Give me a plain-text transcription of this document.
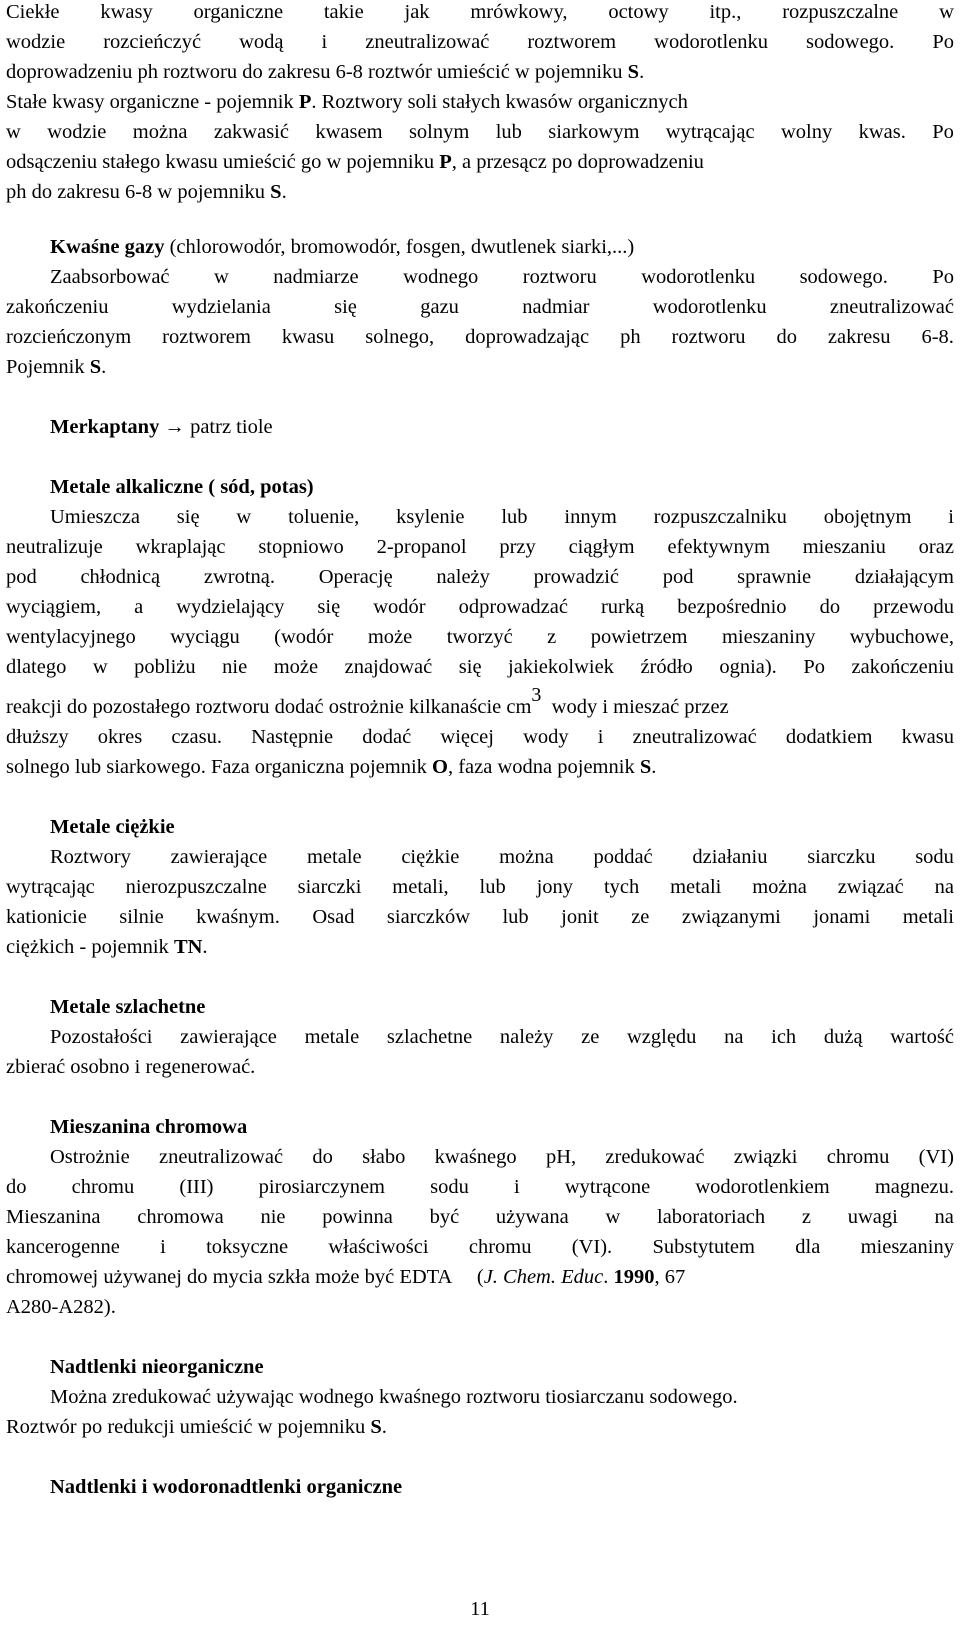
Ciekłe kwasy organiczne takie jak mrówkowy, octowy itp., rozpuszczalne w
wodzie rozcieńczyć wodą i zneutralizować roztworem wodorotlenku sodowego. Po
doprowadzeniu ph roztworu do zakresu 6-8 roztwór umieścić w pojemniku
S .
Stałe kwasy organiczne - pojemnik
P . Roztwory soli stałych kwasów organicznych
w wodzie można zakwasić kwasem solnym lub siarkowym wytrącając wolny kwas. Po
odsączeniu stałego kwasu umieścić go w pojemniku
P , a przesącz po doprowadzeniu
ph do zakresu 6-8 w pojemniku
S .
Kwaśne gazy
(chlorowodór, bromowodór, fosgen, dwutlenek siarki,...)
Zaabsorbować w nadmiarze wodnego roztworu wodorotlenku sodowego. Po
zakończeniu	wydzielania	się	gazu	nadmiar	wodorotlenku	zneutralizować
rozcieńczonym roztworem kwasu solnego, doprowadzając ph roztworu do zakresu 6-8.
Pojemnik
S .
Merkaptany
→
patrz tiole
Metale alkaliczne ( sód, potas)
Umieszcza się w toluenie, ksylenie lub innym rozpuszczalniku obojętnym i
neutralizuje wkraplając stopniowo 2-propanol przy ciągłym efektywnym mieszaniu oraz
pod chłodnicą zwrotną. Operację należy prowadzić pod sprawnie działającym
wyciągiem, a wydzielający się wodór odprowadzać rurką bezpośrednio do przewodu
wentylacyjnego wyciągu (wodór może tworzyć z powietrzem mieszaniny wybuchowe,
dlatego w pobliżu nie może znajdować się jakiekolwiek źródło ognia). Po zakończeniu
reakcji do pozostałego roztworu dodać ostrożnie kilkanaście cm
3

wody i mieszać przez
dłuższy okres czasu. Następnie dodać więcej wody i zneutralizować dodatkiem kwasu
solnego lub siarkowego. Faza organiczna pojemnik
O , faza wodna pojemnik
S .
Metale ciężkie
Roztwory zawierające metale ciężkie można poddać działaniu siarczku sodu
wytrącając nierozpuszczalne siarczki metali, lub jony tych metali można związać na
kationicie silnie kwaśnym. Osad siarczków lub jonit ze związanymi jonami metali
ciężkich - pojemnik
TN .
Metale szlachetne
Pozostałości zawierające metale szlachetne należy ze względu na ich dużą wartość
zbierać osobno i regenerować.
Mieszanina chromowa
Ostrożnie zneutralizować do słabo kwaśnego pH, zredukować związki chromu (VI)
do chromu (III) pirosiarczynem sodu i wytrącone wodorotlenkiem magnezu.
Mieszanina chromowa nie powinna być używana w laboratoriach z uwagi na
kancerogenne i toksyczne właściwości chromu (VI). Substytutem dla mieszaniny
chromowej używanej do mycia szkła może być EDTA     ( J. Chem. Educ .
1990 , 67
A280-A282).
Nadtlenki nieorganiczne
Można zredukować używając wodnego kwaśnego roztworu tiosiarczanu sodowego.
Roztwór po redukcji umieścić w pojemniku
S .
Nadtlenki i wodoronadtlenki organiczne
11
